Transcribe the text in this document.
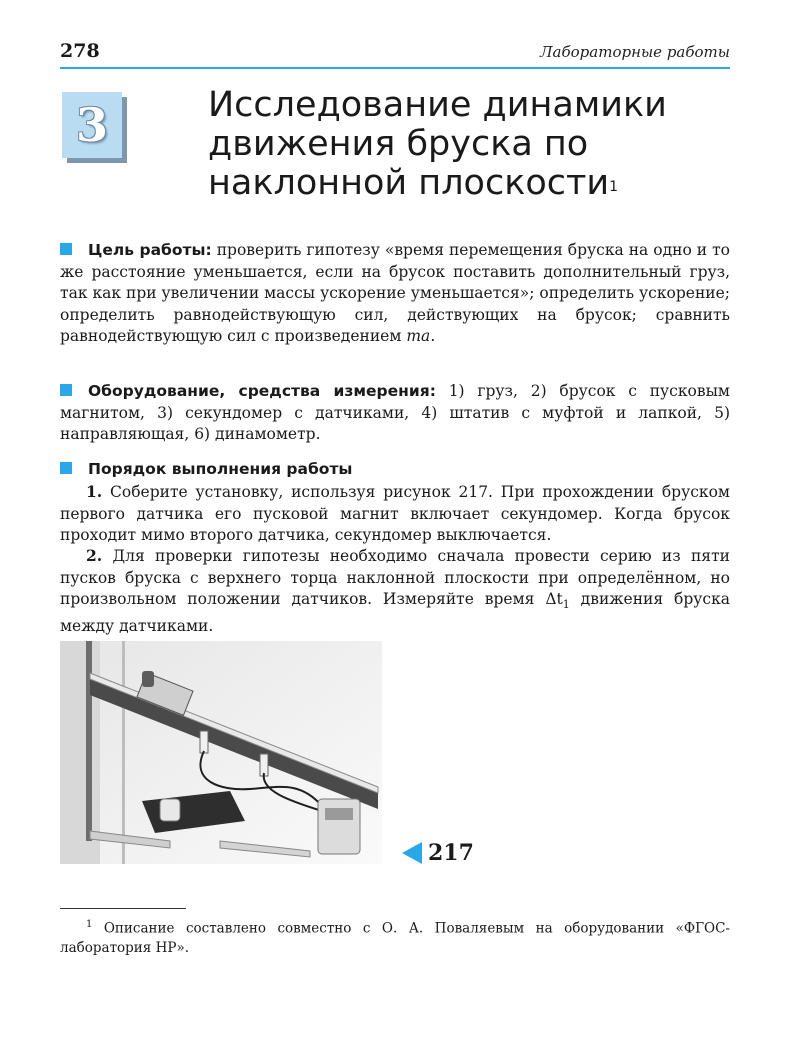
278	Лабораторные работы
3	Исследование динамики движения бруска по наклонной плоскости$^1$

Цель работы: проверить гипотезу «время перемещения бруска на одно и то же расстояние уменьшается, если на брусок поставить дополнительный груз, так как при увеличении массы ускорение уменьшается»; определить ускорение; определить равнодействующую сил, действующих на брусок; сравнить равнодействующую сил с произведением ma.

Оборудование, средства измерения: 1) груз, 2) брусок с пусковым магнитом, 3) секундомер с датчиками, 4) штатив с муфтой и лапкой, 5) направляющая, 6) динамометр.

Порядок выполнения работы

1. Соберите установку, используя рисунок 217. При прохождении бруском первого датчика его пусковой магнит включает секундомер. Когда брусок проходит мимо второго датчика, секундомер выключается.

2. Для проверки гипотезы необходимо сначала провести серию из пяти пусков бруска с верхнего торца наклонной плоскости при определённом, но произвольном положении датчиков. Измеряйте время $\Delta t_1$ движения бруска между датчиками.

217

$^1$ Описание составлено совместно с О. А. Поваляевым на оборудовании «ФГОС-лаборатория HP».
